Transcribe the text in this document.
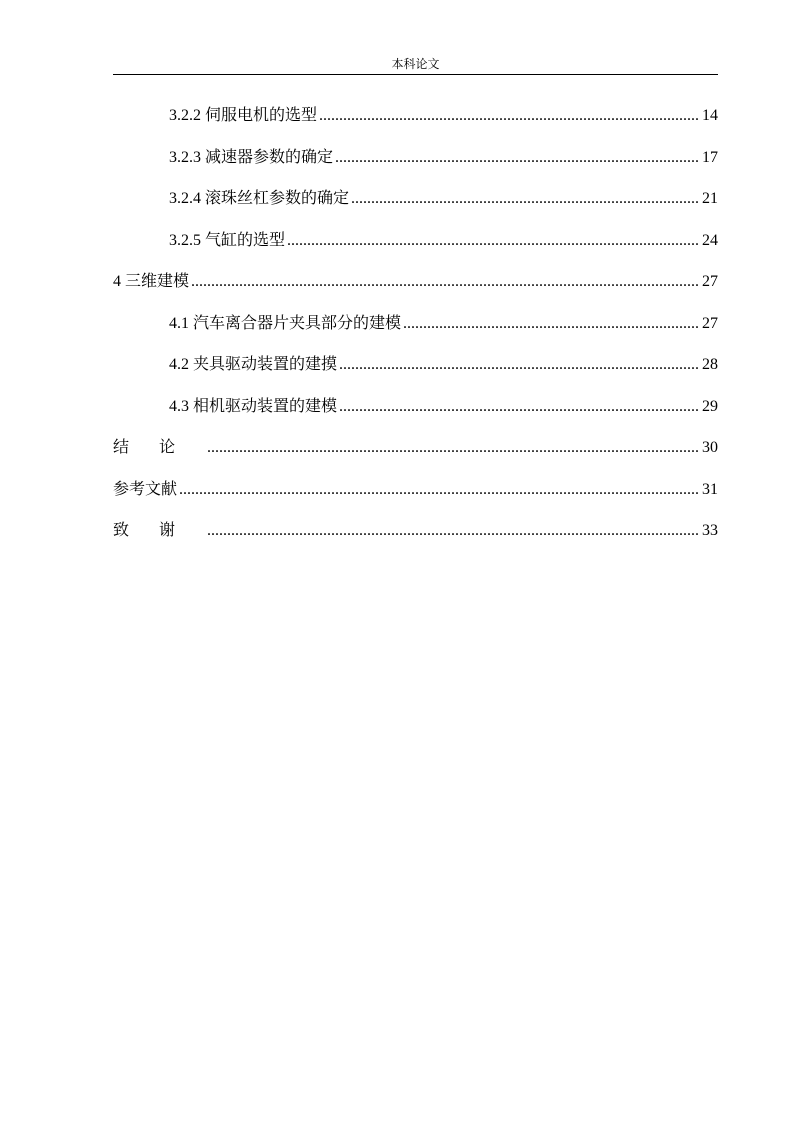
本科论文
3.2.2 伺服电机的选型 .....	14
3.2.3 减速器参数的确定 .....	17
3.2.4 滚珠丝杠参数的确定 .....	21
3.2.5 气缸的选型 .....	24
4 三维建模 .....	27
4.1 汽车离合器片夹具部分的建模 .....	27
4.2 夹具驱动装置的建摸 .....	28
4.3 相机驱动装置的建模 .....	29
结论 .....	30
参考文献 .....	31
致谢 .....	33
